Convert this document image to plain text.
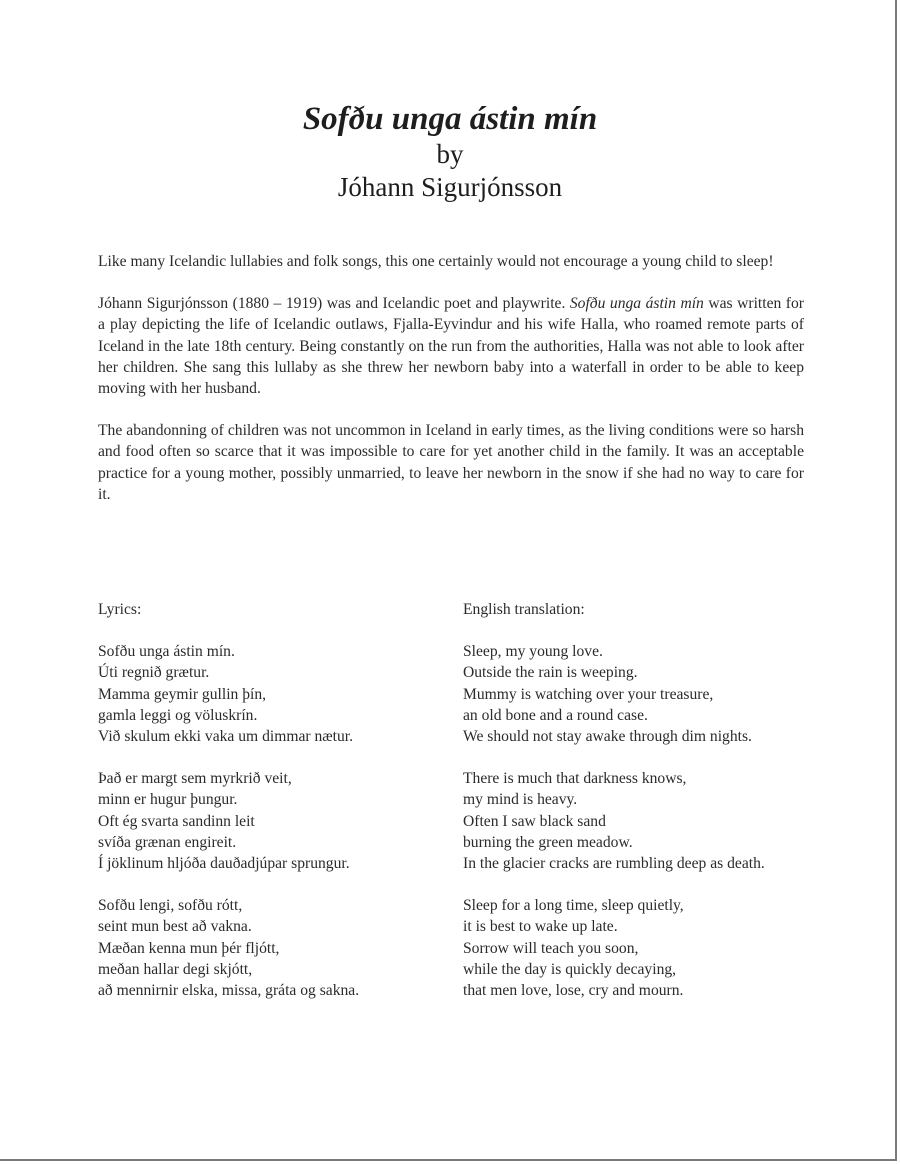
Sofðu unga ástin mín
by
Jóhann Sigurjónsson

Like many Icelandic lullabies and folk songs, this one certainly would not encourage a young child to sleep!

Jóhann Sigurjónsson (1880 – 1919) was and Icelandic poet and playwrite. Sofðu unga ástin mín was written for a play depicting the life of Icelandic outlaws, Fjalla-Eyvindur and his wife Halla, who roamed remote parts of Iceland in the late 18th century. Being constantly on the run from the authorities, Halla was not able to look after her children. She sang this lullaby as she threw her newborn baby into a waterfall in order to be able to keep moving with her husband.

The abandonning of children was not uncommon in Iceland in early times, as the living conditions were so harsh and food often so scarce that it was impossible to care for yet another child in the family. It was an acceptable practice for a young mother, possibly unmarried, to leave her newborn in the snow if she had no way to care for it.

Lyrics:
Sofðu unga ástin mín.
Úti regnið grætur.
Mamma geymir gullin þín,
gamla leggi og völuskrín.
Við skulum ekki vaka um dimmar nætur.
Það er margt sem myrkrið veit,
minn er hugur þungur.
Oft ég svarta sandinn leit
svíða grænan engireit.
Í jöklinum hljóða dauðadjúpar sprungur.
Sofðu lengi, sofðu rótt,
seint mun best að vakna.
Mæðan kenna mun þér fljótt,
meðan hallar degi skjótt,
að mennirnir elska, missa, gráta og sakna.
English translation:
Sleep, my young love.
Outside the rain is weeping.
Mummy is watching over your treasure,
an old bone and a round case.
We should not stay awake through dim nights.
There is much that darkness knows,
my mind is heavy.
Often I saw black sand
burning the green meadow.
In the glacier cracks are rumbling deep as death.
Sleep for a long time, sleep quietly,
it is best to wake up late.
Sorrow will teach you soon,
while the day is quickly decaying,
that men love, lose, cry and mourn.
